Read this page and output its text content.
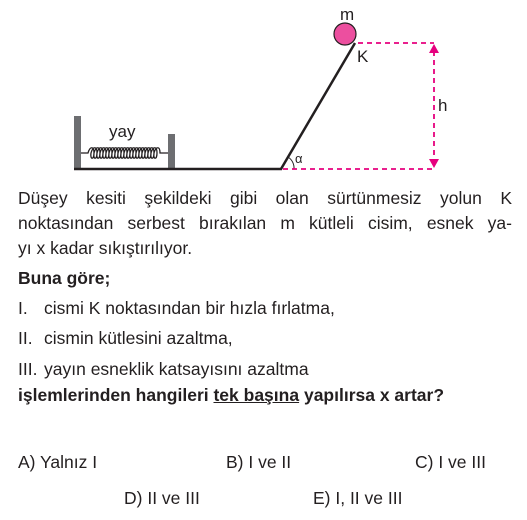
yay
α
m
K
h
Düşey kesiti şekildeki gibi olan sürtünmesiz yolun K
noktasından serbest bırakılan m kütleli cisim, esnek ya-
yı x kadar sıkıştırılıyor.
Buna göre;
I. cismi K noktasından bir hızla fırlatma,
II. cismin kütlesini azaltma,
III. yayın esneklik katsayısını azaltma
işlemlerinden hangileri tek başına yapılırsa x artar?
A) Yalnız I	B) I ve II	C) I ve III
D) II ve III	E) I, II ve III
